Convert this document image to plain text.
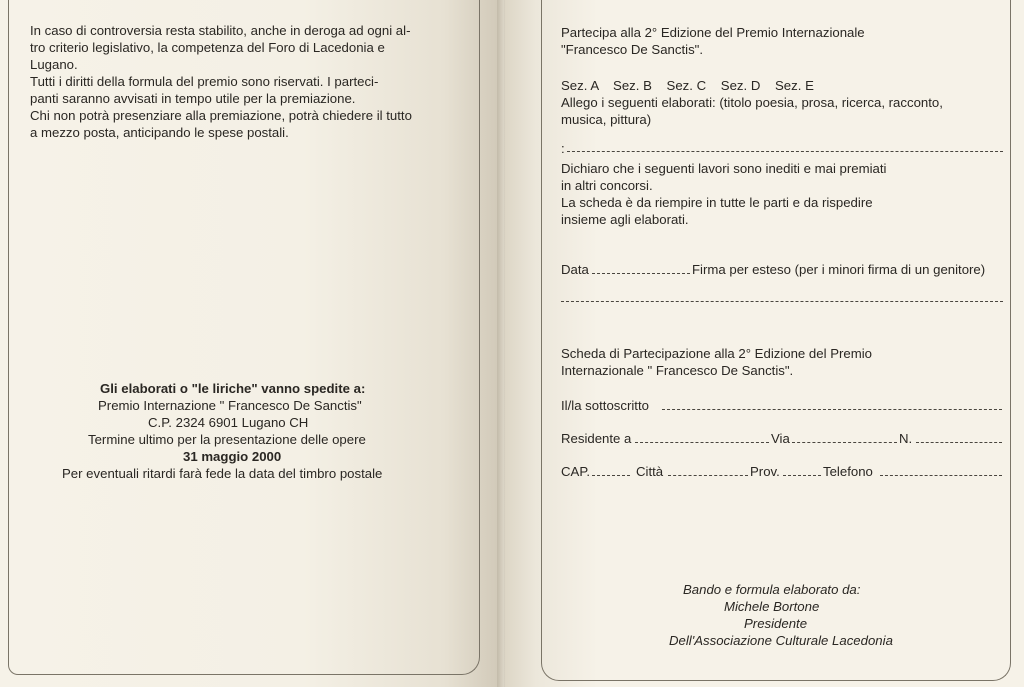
In caso di controversia resta stabilito, anche in deroga ad ogni al-
tro criterio legislativo, la competenza del Foro di Lacedonia e
Lugano.
Tutti i diritti della formula del premio sono riservati. I parteci-
panti saranno avvisati in tempo utile per la premiazione.
Chi non potrà presenziare alla premiazione, potrà chiedere il tutto
a mezzo posta, anticipando le spese postali.
Gli elaborati o "le liriche" vanno spedite a:
Premio Internazione " Francesco De Sanctis"
C.P. 2324 6901 Lugano CH
Termine ultimo per la presentazione delle opere
31 maggio 2000
Per eventuali ritardi farà fede la data del timbro postale
Partecipa alla 2° Edizione del Premio Internazionale
"Francesco De Sanctis".
Sez. A    Sez. B    Sez. C    Sez. D    Sez. E
Allego i seguenti elaborati: (titolo poesia, prosa, ricerca, racconto,
musica, pittura)
:
Dichiaro che i seguenti lavori sono inediti e mai premiati
in altri concorsi.
La scheda è da riempire in tutte le parti e da rispedire
insieme agli elaborati.
Data	Firma per esteso (per i minori firma di un genitore)
Scheda di Partecipazione alla 2° Edizione del Premio
Internazionale " Francesco De Sanctis".
Il/la sottoscritto
Residente a	Via	N.
CAP.	Città	Prov.	Telefono
Bando e formula elaborato da:
Michele Bortone
Presidente
Dell'Associazione Culturale Lacedonia
